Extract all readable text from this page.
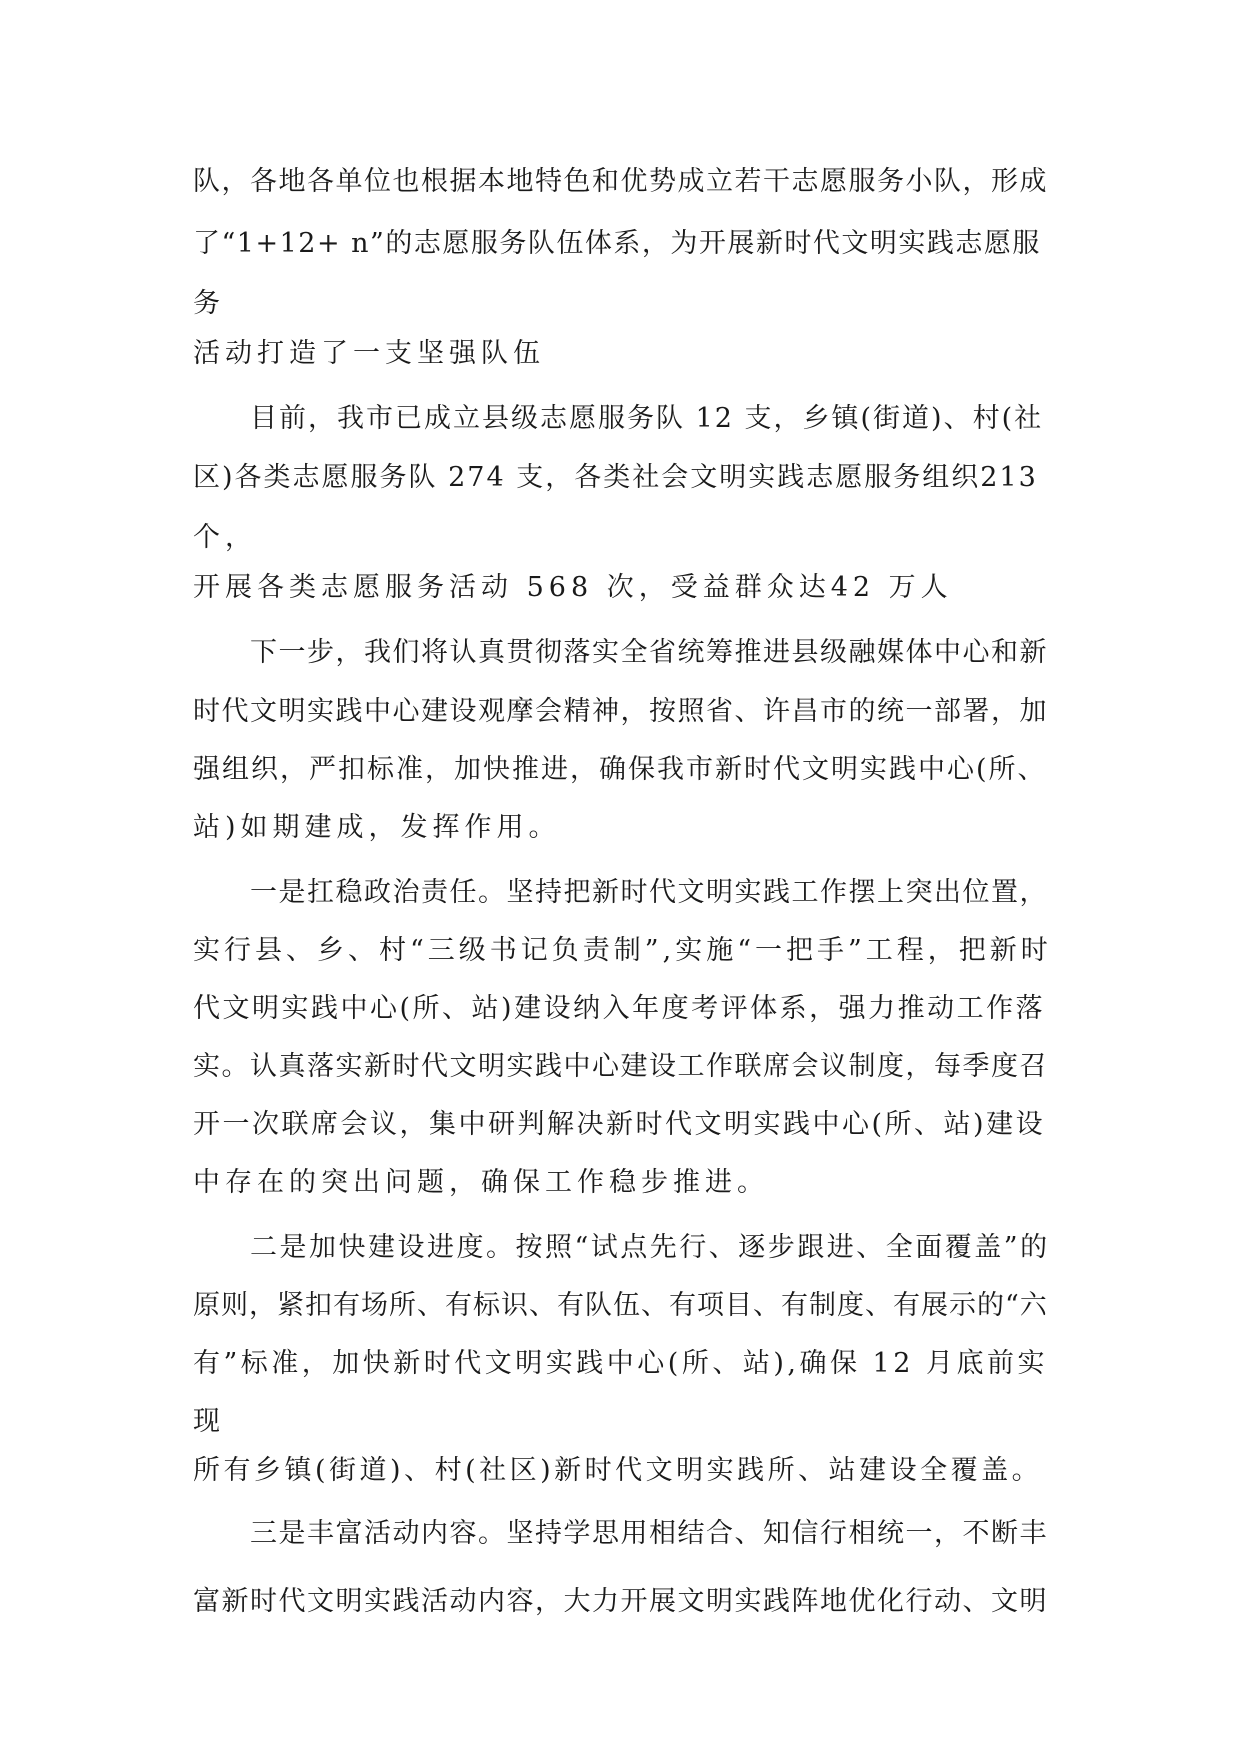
队，各地各单位也根据本地特色和优势成立若干志愿服务小队，形成
了“1+12+ n”的志愿服务队伍体系，为开展新时代文明实践志愿服
务
活动打造了一支坚强队伍
目前，我市已成立县级志愿服务队 12 支，乡镇(街道)、村(社
区)各类志愿服务队 274 支，各类社会文明实践志愿服务组织213
个，
开展各类志愿服务活动 568 次，受益群众达42 万人
下一步，我们将认真贯彻落实全省统筹推进县级融媒体中心和新
时代文明实践中心建设观摩会精神，按照省、许昌市的统一部署，加
强组织，严扣标准，加快推进，确保我市新时代文明实践中心(所、
站)如期建成，发挥作用。
一是扛稳政治责任。坚持把新时代文明实践工作摆上突出位置，
实行县、乡、村“三级书记负责制”,实施“一把手”工程，把新时
代文明实践中心(所、站)建设纳入年度考评体系，强力推动工作落
实。认真落实新时代文明实践中心建设工作联席会议制度，每季度召
开一次联席会议，集中研判解决新时代文明实践中心(所、站)建设
中存在的突出问题，确保工作稳步推进。
二是加快建设进度。按照“试点先行、逐步跟进、全面覆盖”的
原则，紧扣有场所、有标识、有队伍、有项目、有制度、有展示的“六
有”标准，加快新时代文明实践中心(所、站),确保 12 月底前实
现
所有乡镇(街道)、村(社区)新时代文明实践所、站建设全覆盖。
三是丰富活动内容。坚持学思用相结合、知信行相统一，不断丰
富新时代文明实践活动内容，大力开展文明实践阵地优化行动、文明
